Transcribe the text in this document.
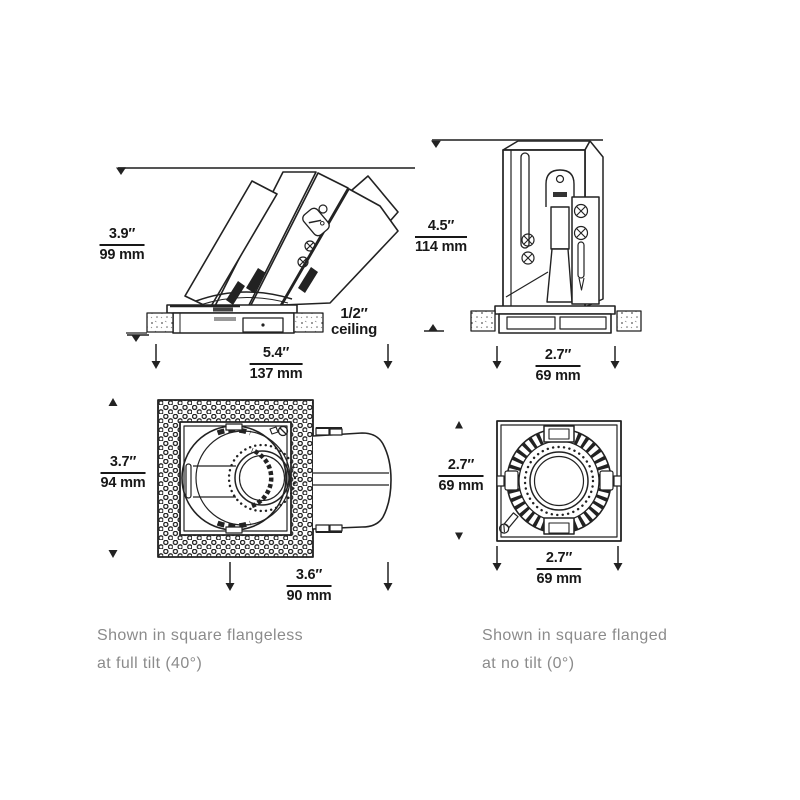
3.9″
99 mm
5.4″
137 mm
1/2″
ceiling
4.5″
114 mm
2.7″
69 mm
3.7″
94 mm
3.6″
90 mm
2.7″
69 mm
2.7″
69 mm
Shown in square flangeless
at full tilt (40°)
Shown in square flanged
at no tilt (0°)
